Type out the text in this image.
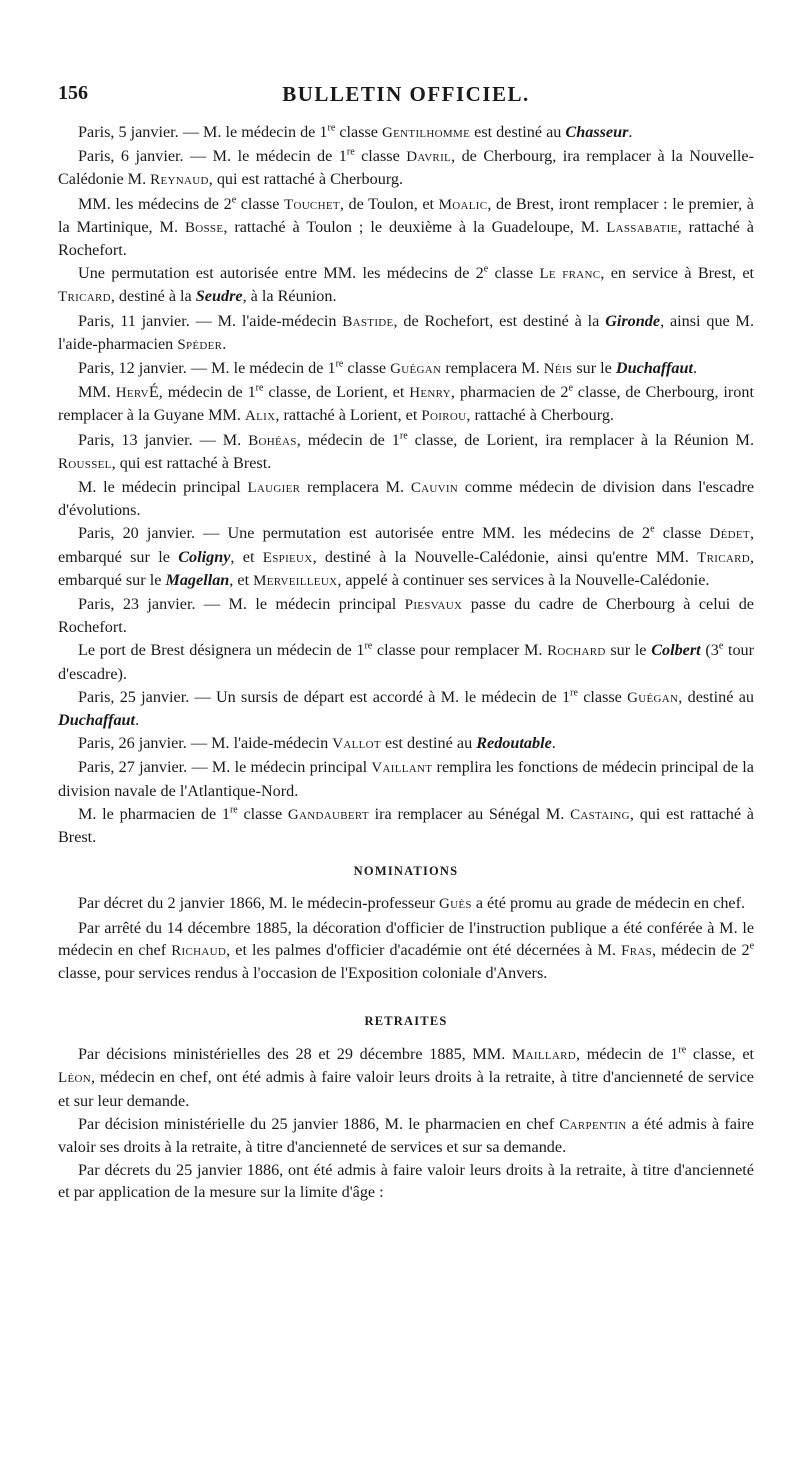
156	BULLETIN OFFICIEL.

Paris, 5 janvier. — M. le médecin de 1re classe Gentilhomme est destiné au Chasseur.

Paris, 6 janvier. — M. le médecin de 1re classe Davril, de Cherbourg, ira remplacer à la Nouvelle-Calédonie M. Reynaud, qui est rattaché à Cherbourg.

MM. les médecins de 2e classe Touchet, de Toulon, et Moalic, de Brest, iront remplacer : le premier, à la Martinique, M. Bosse, rattaché à Toulon ; le deuxième à la Guadeloupe, M. Lassabatie, rattaché à Rochefort.

Une permutation est autorisée entre MM. les médecins de 2e classe Le franc, en service à Brest, et Tricard, destiné à la Seudre, à la Réunion.

Paris, 11 janvier. — M. l'aide-médecin Bastide, de Rochefort, est destiné à la Gironde, ainsi que M. l'aide-pharmacien Spéder.

Paris, 12 janvier. — M. le médecin de 1re classe Guégan remplacera M. Néis sur le Duchaffaut.

MM. HervÉ, médecin de 1re classe, de Lorient, et Henry, pharmacien de 2e classe, de Cherbourg, iront remplacer à la Guyane MM. Alix, rattaché à Lorient, et Poirou, rattaché à Cherbourg.

Paris, 13 janvier. — M. Bohéas, médecin de 1re classe, de Lorient, ira remplacer à la Réunion M. Roussel, qui est rattaché à Brest.

M. le médecin principal Laugier remplacera M. Cauvin comme médecin de division dans l'escadre d'évolutions.

Paris, 20 janvier. — Une permutation est autorisée entre MM. les médecins de 2e classe Dédet, embarqué sur le Coligny, et Espieux, destiné à la Nouvelle-Calédonie, ainsi qu'entre MM. Tricard, embarqué sur le Magellan, et Merveilleux, appelé à continuer ses services à la Nouvelle-Calédonie.

Paris, 23 janvier. — M. le médecin principal Piesvaux passe du cadre de Cherbourg à celui de Rochefort.

Le port de Brest désignera un médecin de 1re classe pour remplacer M. Rochard sur le Colbert (3e tour d'escadre).

Paris, 25 janvier. — Un sursis de départ est accordé à M. le médecin de 1re classe Guégan, destiné au Duchaffaut.

Paris, 26 janvier. — M. l'aide-médecin Vallot est destiné au Redoutable.

Paris, 27 janvier. — M. le médecin principal Vaillant remplira les fonctions de médecin principal de la division navale de l'Atlantique-Nord.

M. le pharmacien de 1re classe Gandaubert ira remplacer au Sénégal M. Castaing, qui est rattaché à Brest.

NOMINATIONS

Par décret du 2 janvier 1866, M. le médecin-professeur Guès a été promu au grade de médecin en chef.

Par arrêté du 14 décembre 1885, la décoration d'officier de l'instruction publique a été conférée à M. le médecin en chef Richaud, et les palmes d'officier d'académie ont été décernées à M. Fras, médecin de 2e classe, pour services rendus à l'occasion de l'Exposition coloniale d'Anvers.

RETRAITES

Par décisions ministérielles des 28 et 29 décembre 1885, MM. Maillard, médecin de 1re classe, et Léon, médecin en chef, ont été admis à faire valoir leurs droits à la retraite, à titre d'ancienneté de service et sur leur demande.

Par décision ministérielle du 25 janvier 1886, M. le pharmacien en chef Carpentin a été admis à faire valoir ses droits à la retraite, à titre d'ancienneté de services et sur sa demande.

Par décrets du 25 janvier 1886, ont été admis à faire valoir leurs droits à la retraite, à titre d'ancienneté et par application de la mesure sur la limite d'âge :
